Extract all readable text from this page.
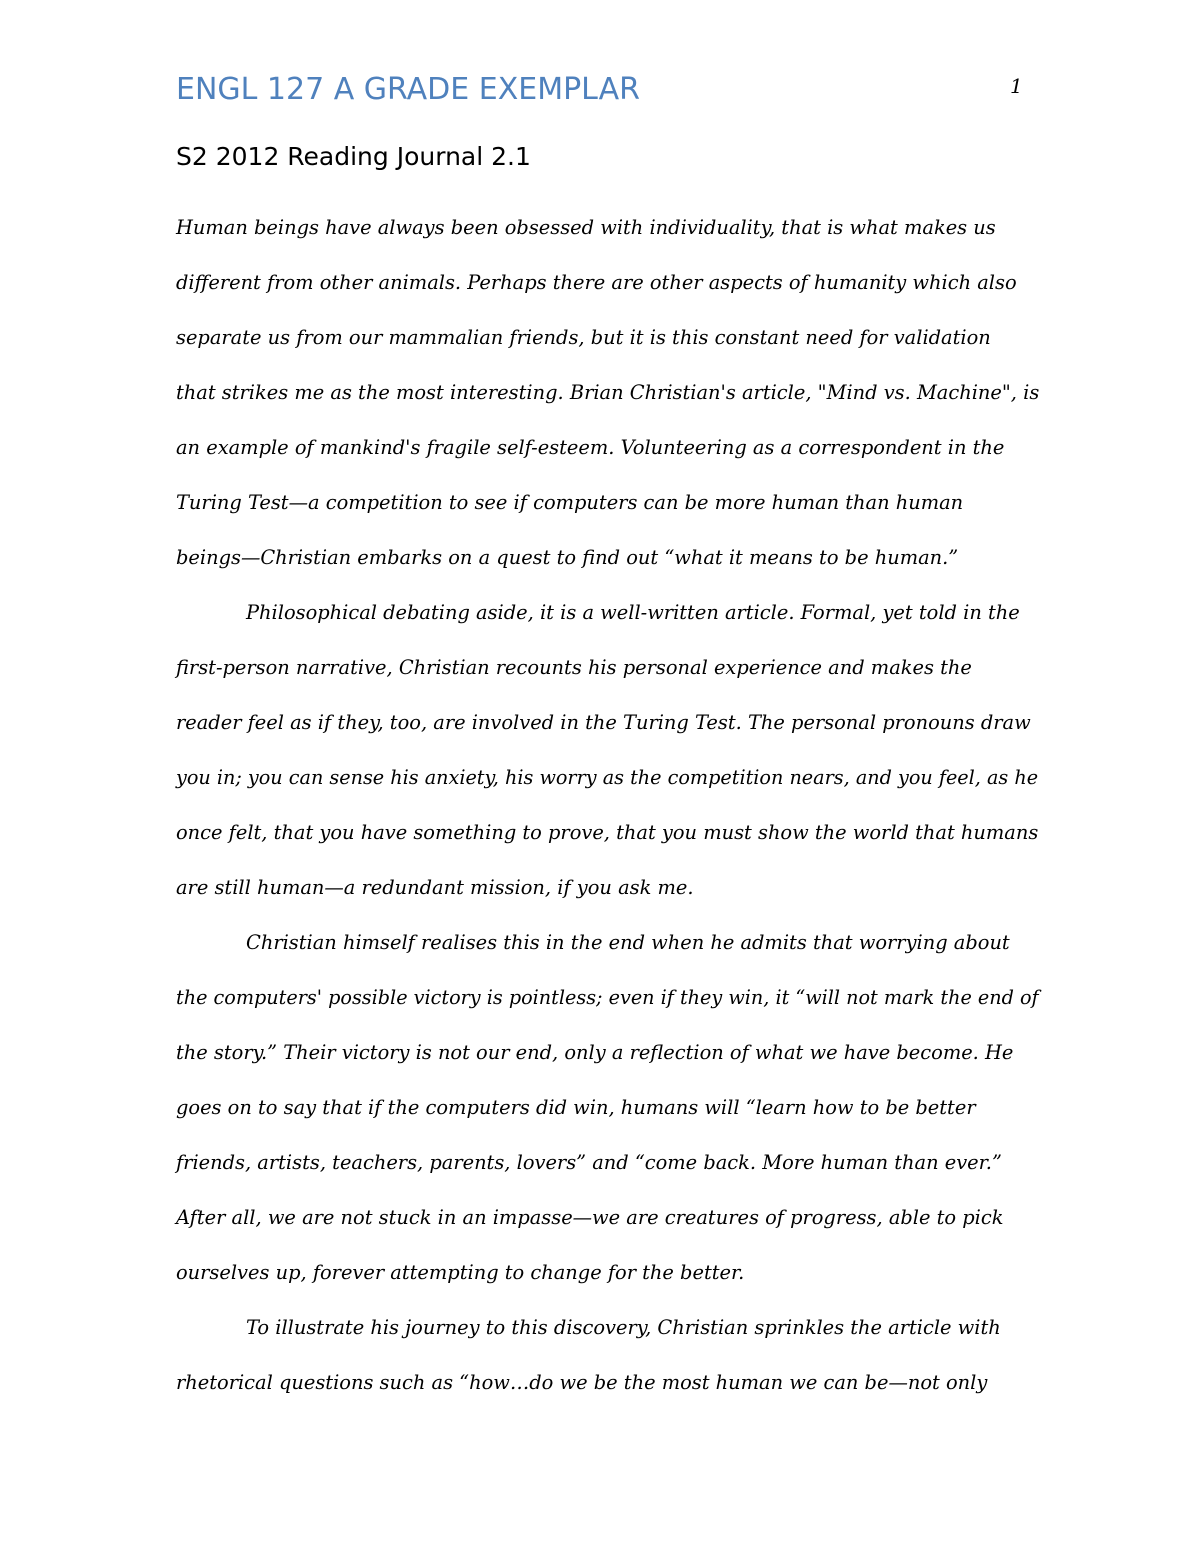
ENGL 127 A GRADE EXEMPLAR	1
S2 2012 Reading Journal 2.1
Human beings have always been obsessed with individuality, that is what makes us
different from other animals. Perhaps there are other aspects of humanity which also
separate us from our mammalian friends, but it is this constant need for validation
that strikes me as the most interesting. Brian Christian's article, "Mind vs. Machine", is
an example of mankind's fragile self-esteem. Volunteering as a correspondent in the
Turing Test—a competition to see if computers can be more human than human
beings—Christian embarks on a quest to find out “what it means to be human.”
Philosophical debating aside, it is a well-written article. Formal, yet told in the
first-person narrative, Christian recounts his personal experience and makes the
reader feel as if they, too, are involved in the Turing Test. The personal pronouns draw
you in; you can sense his anxiety, his worry as the competition nears, and you feel, as he
once felt, that you have something to prove, that you must show the world that humans
are still human—a redundant mission, if you ask me.
Christian himself realises this in the end when he admits that worrying about
the computers' possible victory is pointless; even if they win, it “will not mark the end of
the story.” Their victory is not our end, only a reflection of what we have become. He
goes on to say that if the computers did win, humans will “learn how to be better
friends, artists, teachers, parents, lovers” and “come back. More human than ever.”
After all, we are not stuck in an impasse—we are creatures of progress, able to pick
ourselves up, forever attempting to change for the better.
To illustrate his journey to this discovery, Christian sprinkles the article with
rhetorical questions such as “how…do we be the most human we can be—not only
